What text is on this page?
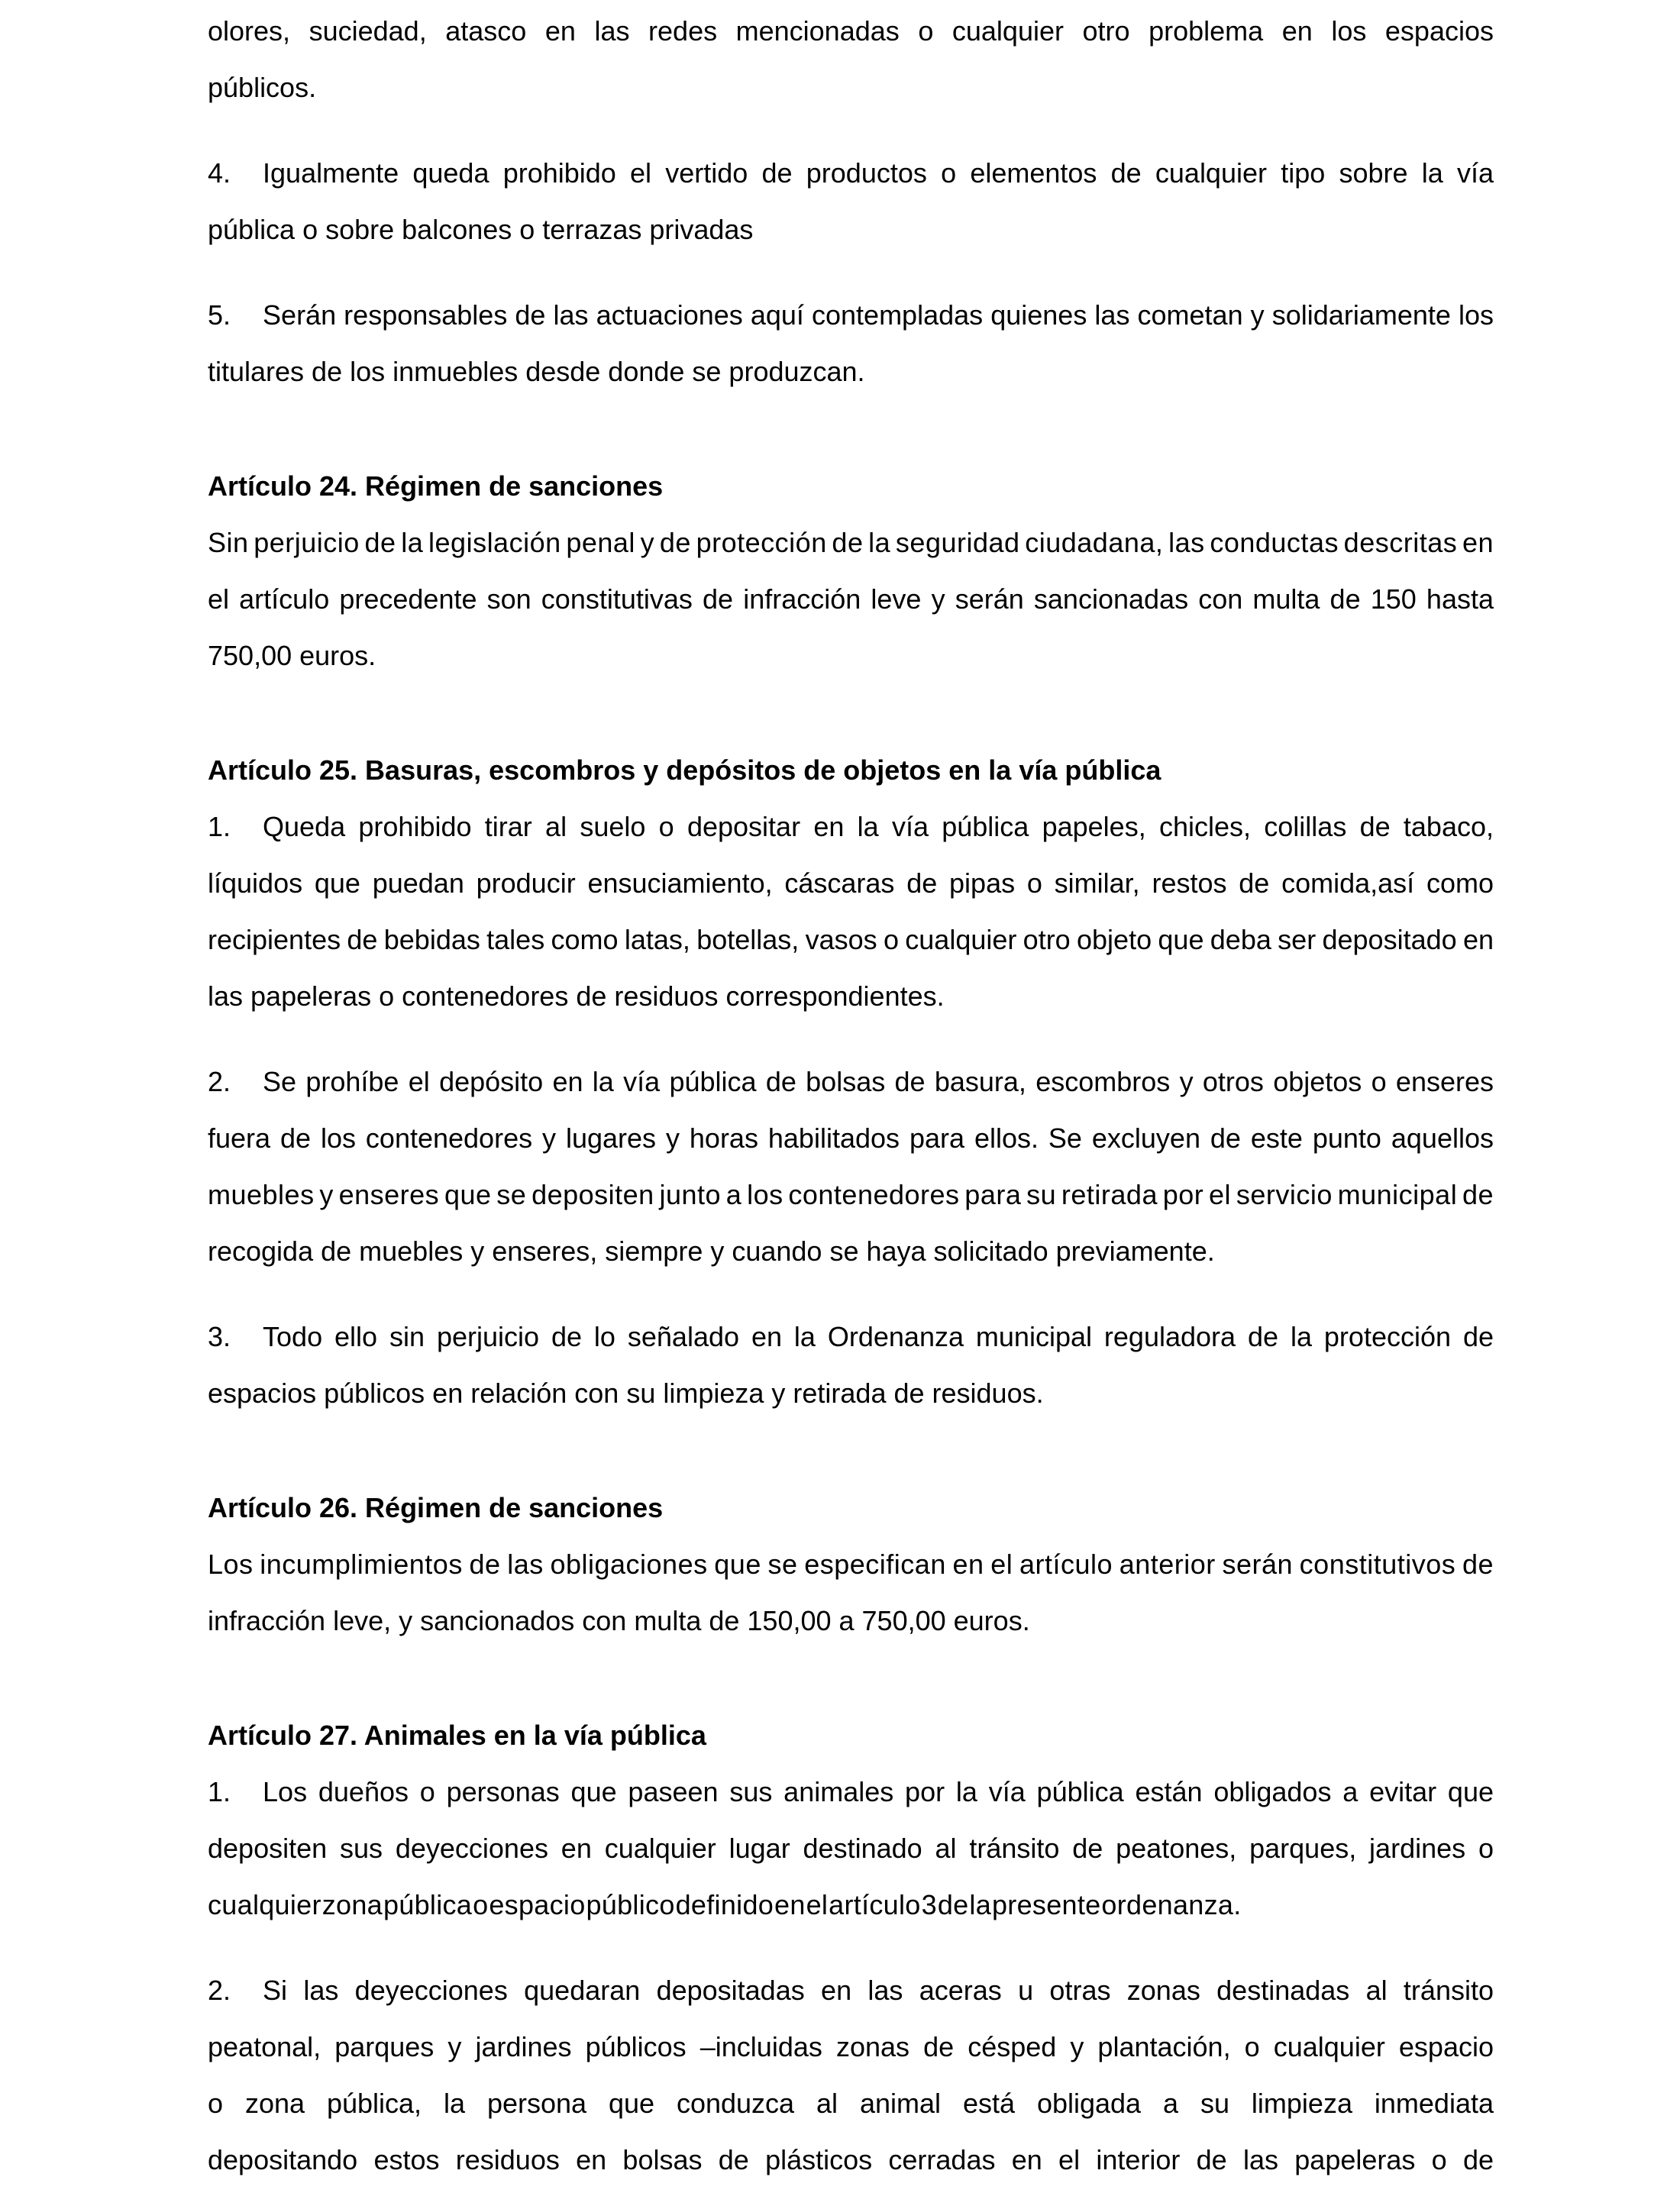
olores, suciedad, atasco en las redes mencionadas o cualquier otro problema en los espacios
públicos.
4. Igualmente queda prohibido el vertido de productos o elementos de cualquier tipo sobre la vía
pública o sobre balcones o terrazas privadas
5. Serán responsables de las actuaciones aquí contempladas quienes las cometan y solidariamente los
titulares de los inmuebles desde donde se produzcan.
Artículo 24. Régimen de sanciones
Sin perjuicio de la legislación penal y de protección de la seguridad ciudadana, las conductas descritas en
el artículo precedente son constitutivas de infracción leve y serán sancionadas con multa de 150 hasta
750,00 euros.
Artículo 25. Basuras, escombros y depósitos de objetos en la vía pública
1. Queda prohibido tirar al suelo o depositar en la vía pública papeles, chicles, colillas de tabaco,
líquidos que puedan producir ensuciamiento, cáscaras de pipas o similar, restos de comida,así como
recipientes de bebidas tales como latas, botellas, vasos o cualquier otro objeto que deba ser depositado en
las papeleras o contenedores de residuos correspondientes.
2. Se prohíbe el depósito en la vía pública de bolsas de basura, escombros y otros objetos o enseres
fuera de los contenedores y lugares y horas habilitados para ellos. Se excluyen de este punto aquellos
muebles y enseres que se depositen junto a los contenedores para su retirada por el servicio municipal de
recogida de muebles y enseres, siempre y cuando se haya solicitado previamente.
3. Todo ello sin perjuicio de lo señalado en la Ordenanza municipal reguladora de la protección de
espacios públicos en relación con su limpieza y retirada de residuos.
Artículo 26. Régimen de sanciones
Los incumplimientos de las obligaciones que se especifican en el artículo anterior serán constitutivos de
infracción leve, y sancionados con multa de 150,00 a 750,00 euros.
Artículo 27. Animales en la vía pública
1. Los dueños o personas que paseen sus animales por la vía pública están obligados a evitar que
depositen sus deyecciones en cualquier lugar destinado al tránsito de peatones, parques, jardines o
cualquier zona pública o espacio público definido en el artículo 3 de la presente ordenanza.
2. Si las deyecciones quedaran depositadas en las aceras u otras zonas destinadas al tránsito
peatonal, parques y jardines públicos –incluidas zonas de césped y plantación, o cualquier espacio
o zona pública, la persona que conduzca al animal está obligada a su limpieza inmediata
depositando estos residuos en bolsas de plásticos cerradas en el interior de las papeleras o de
